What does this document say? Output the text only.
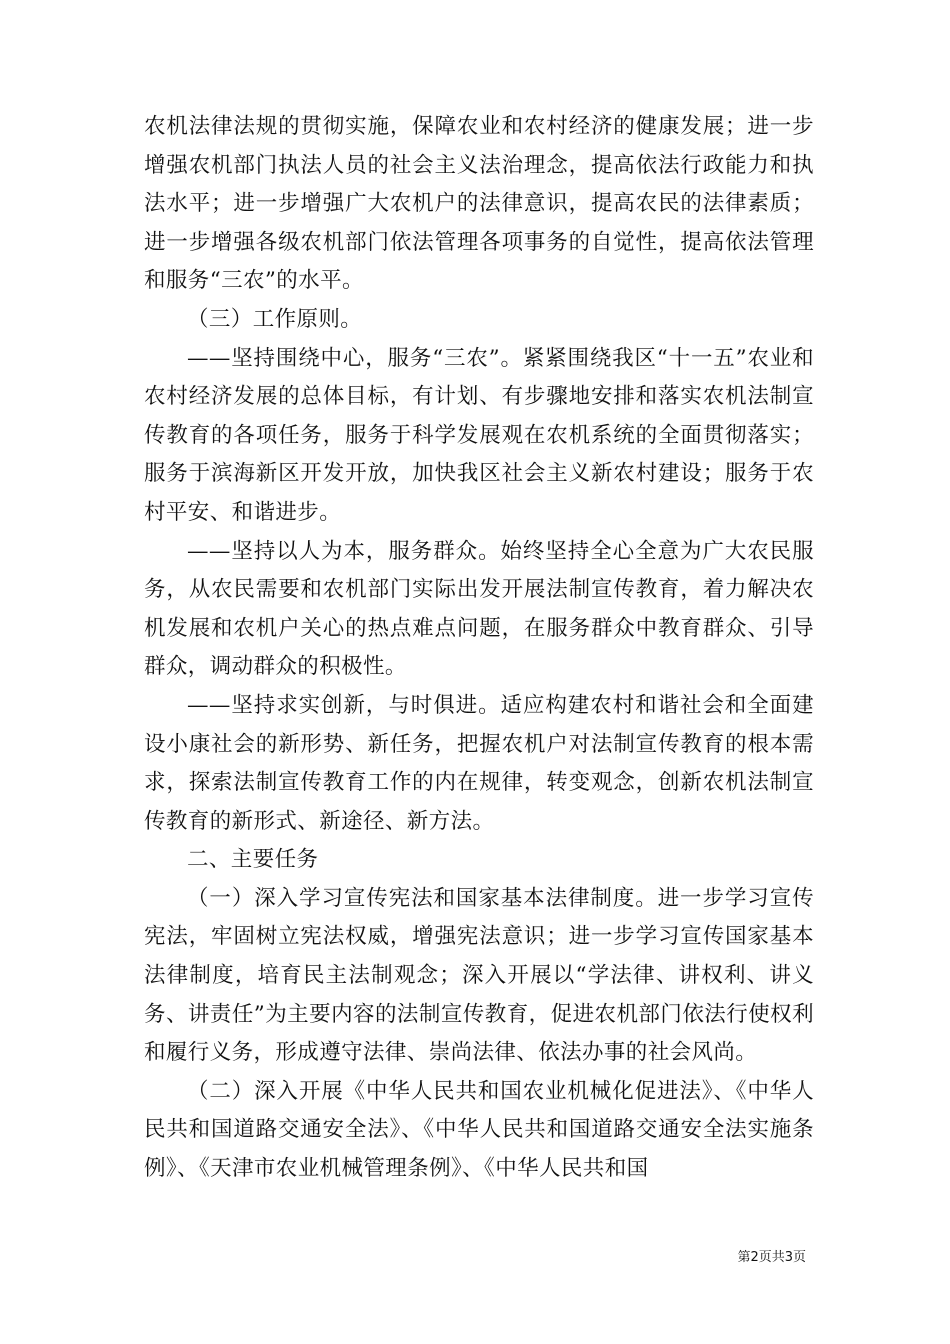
农机法律法规的贯彻实施，保障农业和农村经济的健康发展；进一步增强农机部门执法人员的社会主义法治理念，提高依法行政能力和执法水平；进一步增强广大农机户的法律意识，提高农民的法律素质；进一步增强各级农机部门依法管理各项事务的自觉性，提高依法管理和服务“三农”的水平。

（三）工作原则。

——坚持围绕中心，服务“三农”。紧紧围绕我区“十一五”农业和农村经济发展的总体目标，有计划、有步骤地安排和落实农机法制宣传教育的各项任务，服务于科学发展观在农机系统的全面贯彻落实；服务于滨海新区开发开放，加快我区社会主义新农村建设；服务于农村平安、和谐进步。

——坚持以人为本，服务群众。始终坚持全心全意为广大农民服务，从农民需要和农机部门实际出发开展法制宣传教育，着力解决农机发展和农机户关心的热点难点问题，在服务群众中教育群众、引导群众，调动群众的积极性。

——坚持求实创新，与时俱进。适应构建农村和谐社会和全面建设小康社会的新形势、新任务，把握农机户对法制宣传教育的根本需求，探索法制宣传教育工作的内在规律，转变观念，创新农机法制宣传教育的新形式、新途径、新方法。

二、主要任务

（一）深入学习宣传宪法和国家基本法律制度。进一步学习宣传宪法，牢固树立宪法权威，增强宪法意识；进一步学习宣传国家基本法律制度，培育民主法制观念；深入开展以“学法律、讲权利、讲义务、讲责任”为主要内容的法制宣传教育，促进农机部门依法行使权利和履行义务，形成遵守法律、崇尚法律、依法办事的社会风尚。

（二）深入开展《中华人民共和国农业机械化促进法》、《中华人民共和国道路交通安全法》、《中华人民共和国道路交通安全法实施条例》、《天津市农业机械管理条例》、《中华人民共和国

第2页共3页
